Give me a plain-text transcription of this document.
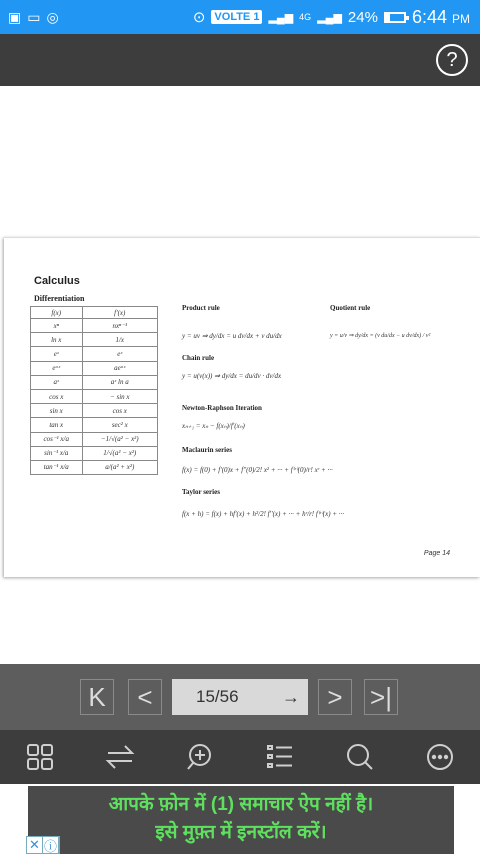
▣ ▭ ◎	⊙ VOLTE 1 ▂▄▆ 4G ▂▄▆ 24% 6:44 PM
?
Calculus
Differentiation
f(x)	f'(x)
xⁿ	nxⁿ⁻¹
ln x	1/x
eˣ	eˣ
eᵃˣ	aeᵃˣ
aˣ	aˣ ln a
cos x	− sin x
sin x	cos x
tan x	sec² x
cos⁻¹ x/a	−1/√(a² − x²)
sin⁻¹ x/a	1/√(a² − x²)
tan⁻¹ x/a	a/(a² + x²)
Product rule
y = uv ⇒ dy/dx = u dv/dx + v du/dx
Quotient rule
y = u/v ⇒ dy/dx = (v du/dx − u dv/dx) / v²
Chain rule
y = u(v(x)) ⇒ dy/dx = du/dv · dv/dx
Newton-Raphson Iteration
xₙ₊₁ = xₙ − f(xₙ)/f'(xₙ)
Maclaurin series
f(x) = f(0) + f'(0)x + f''(0)/2! x² + ··· + f⁽ʳ⁾(0)/r! xʳ + ···
Taylor series
f(x + h) = f(x) + hf'(x) + h²/2! f''(x) + ··· + hʳ/r! f⁽ʳ⁾(x) + ···
Page 14
K <	15/56 → > >|
आपके फ़ोन में (1) समाचार ऐप नहीं है।
इसे मुफ़्त में इनस्टॉल करें।
✕ ⓘ
